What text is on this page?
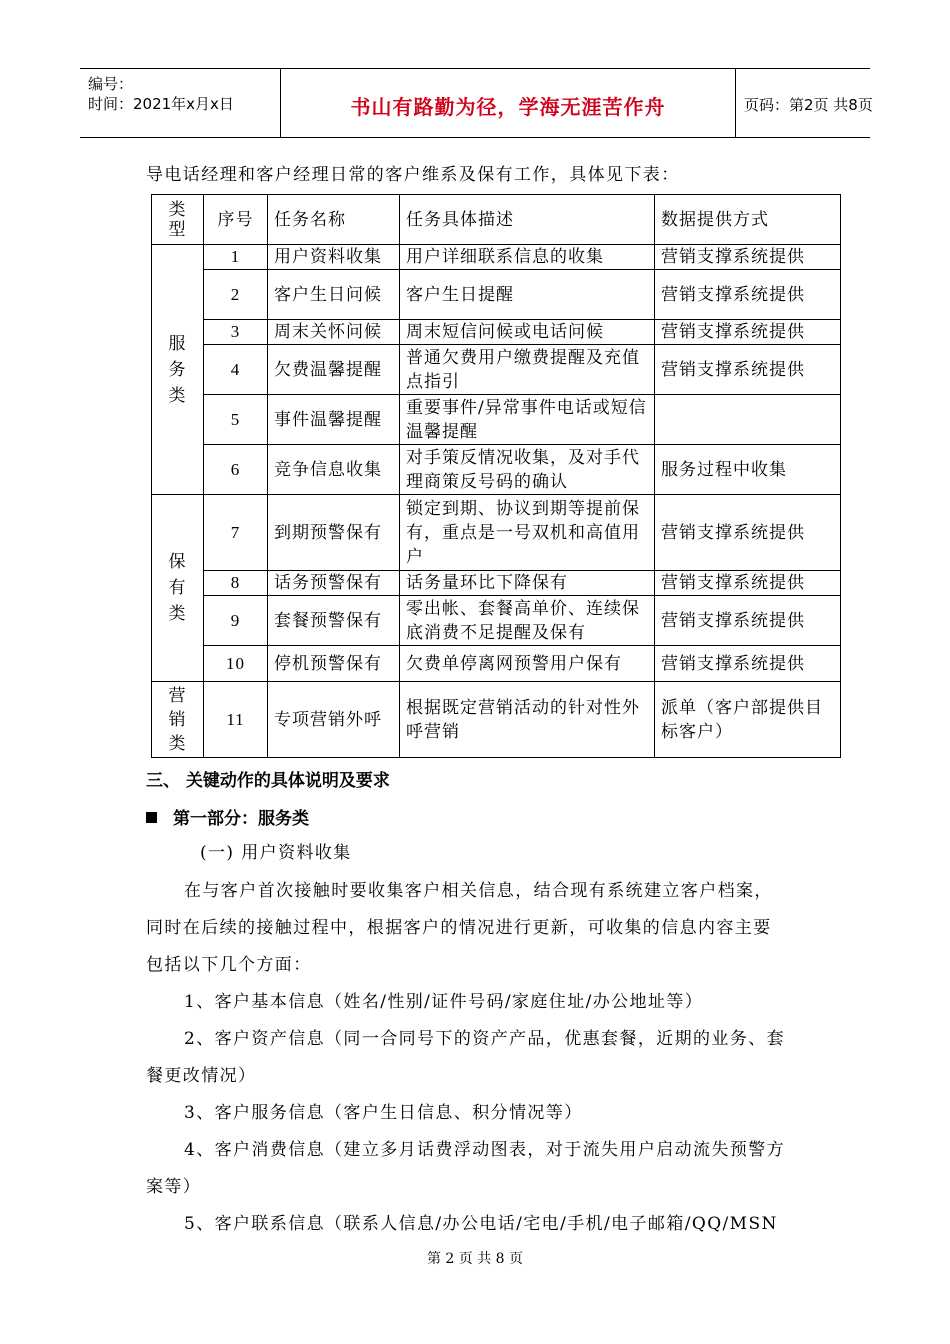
编号：
时间：2021年x月x日	书山有路勤为径，学海无涯苦作舟	页码：第2页 共8页
导电话经理和客户经理日常的客户维系及保有工作，具体见下表：
类型	序号	任务名称	任务具体描述	数据提供方式

服务类	1	用户资料收集	用户详细联系信息的收集	营销支撑系统提供
	2	客户生日问候	客户生日提醒	营销支撑系统提供
	3	周末关怀问候	周末短信问候或电话问候	营销支撑系统提供
	4	欠费温馨提醒	普通欠费用户缴费提醒及充值点指引	营销支撑系统提供
	5	事件温馨提醒	重要事件/异常事件电话或短信温馨提醒	
	6	竞争信息收集	对手策反情况收集，及对手代理商策反号码的确认	服务过程中收集

保有类	7	到期预警保有	锁定到期、协议到期等提前保有，重点是一号双机和高值用户	营销支撑系统提供
	8	话务预警保有	话务量环比下降保有	营销支撑系统提供
	9	套餐预警保有	零出帐、套餐高单价、连续保底消费不足提醒及保有	营销支撑系统提供
	10	停机预警保有	欠费单停离网预警用户保有	营销支撑系统提供

营销类	11	专项营销外呼	根据既定营销活动的针对性外呼营销	派单（客户部提供目标客户）
三、 关键动作的具体说明及要求
第一部分：服务类
(一) 用户资料收集
在与客户首次接触时要收集客户相关信息，结合现有系统建立客户档案，
同时在后续的接触过程中，根据客户的情况进行更新，可收集的信息内容主要
包括以下几个方面：
1、客户基本信息（姓名/性别/证件号码/家庭住址/办公地址等）
2、客户资产信息（同一合同号下的资产产品，优惠套餐，近期的业务、套
餐更改情况）
3、客户服务信息（客户生日信息、积分情况等）
4、客户消费信息（建立多月话费浮动图表，对于流失用户启动流失预警方
案等）
5、客户联系信息（联系人信息/办公电话/宅电/手机/电子邮箱/QQ/MSN
第 2 页 共 8 页
